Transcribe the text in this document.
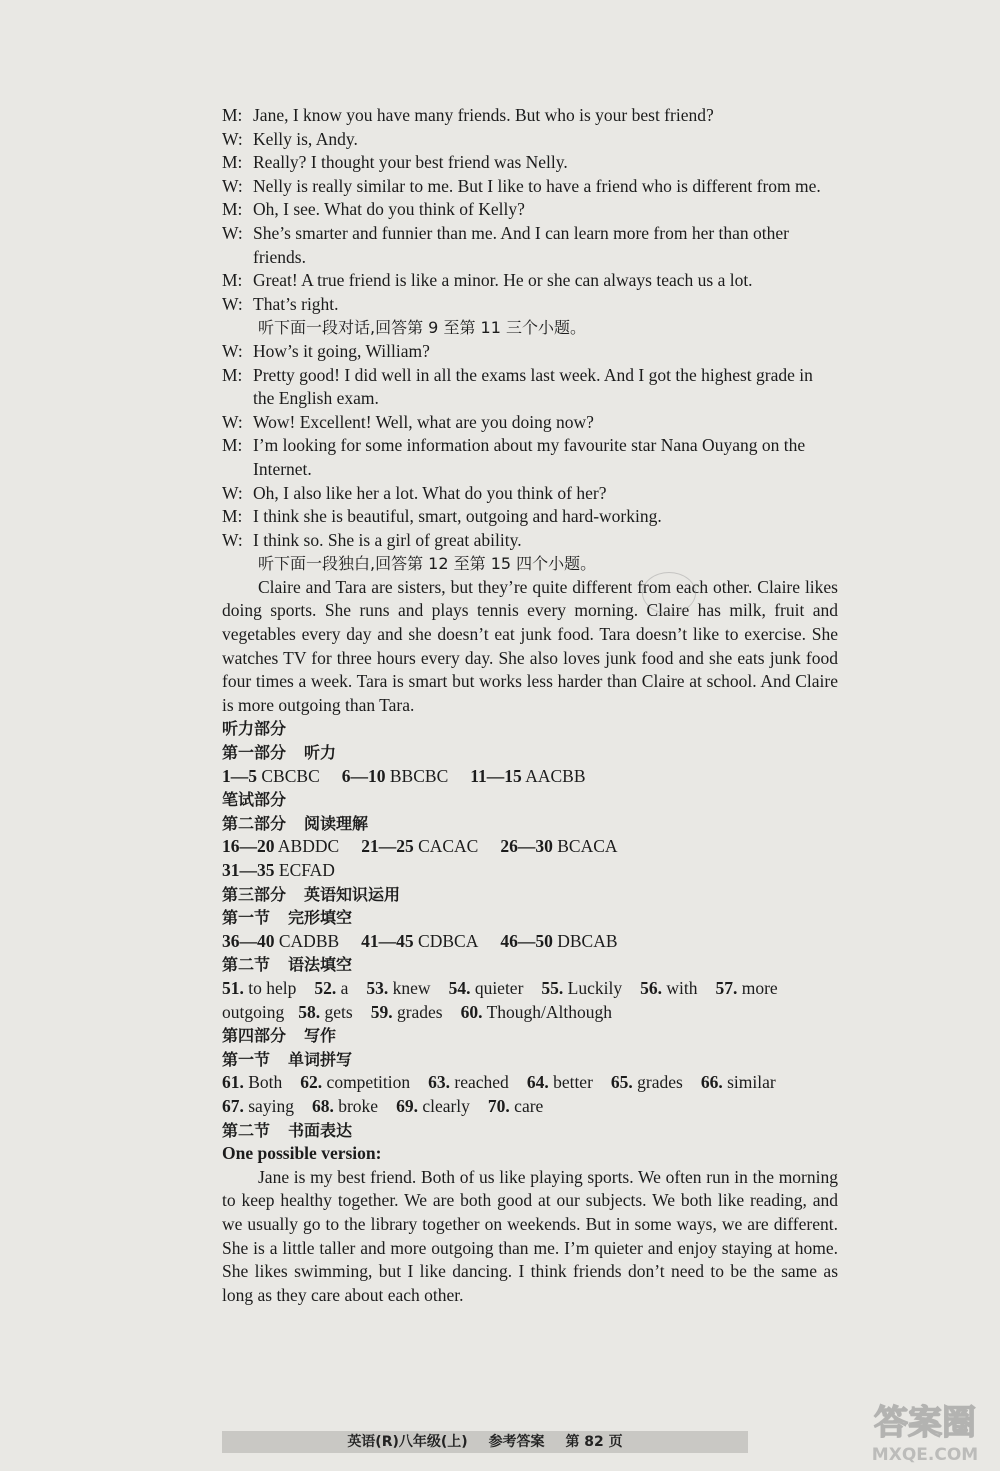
M: Jane, I know you have many friends. But who is your best friend?

W: Kelly is, Andy.

M: Really? I thought your best friend was Nelly.

W: Nelly is really similar to me. But I like to have a friend who is different from me.

M: Oh, I see. What do you think of Kelly?

W: She’s smarter and funnier than me. And I can learn more from her than other friends.

M: Great! A true friend is like a minor. He or she can always teach us a lot.

W: That’s right.

听下面一段对话,回答第 9 至第 11 三个小题。

W: How’s it going, William?

M: Pretty good! I did well in all the exams last week. And I got the highest grade in the English exam.

W: Wow! Excellent! Well, what are you doing now?

M: I’m looking for some information about my favourite star Nana Ouyang on the Internet.

W: Oh, I also like her a lot. What do you think of her?

M: I think she is beautiful, smart, outgoing and hard-working.

W: I think so. She is a girl of great ability.

听下面一段独白,回答第 12 至第 15 四个小题。

Claire and Tara are sisters, but they’re quite different from each other. Claire likes doing sports. She runs and plays tennis every morning. Claire has milk, fruit and vegetables every day and she doesn’t eat junk food. Tara doesn’t like to exercise. She watches TV for three hours every day. She also loves junk food and she eats junk food four times a week. Tara is smart but works less harder than Claire at school. And Claire is more outgoing than Tara.

听力部分

第一部分 听力

1—5 CBCBC 6—10 BBCBC 11—15 AACBB

笔试部分

第二部分 阅读理解

16—20 ABDDC 21—25 CACAC 26—30 BCACA

31—35 ECFAD

第三部分 英语知识运用

第一节 完形填空

36—40 CADBB 41—45 CDBCA 46—50 DBCAB

第二节 语法填空

51. to help 52. a 53. knew 54. quieter 55. Luckily 56. with 57. more

outgoing 58. gets 59. grades 60. Though/Although

第四部分 写作

第一节 单词拼写

61. Both 62. competition 63. reached 64. better 65. grades 66. similar

67. saying 68. broke 69. clearly 70. care

第二节 书面表达

One possible version:

Jane is my best friend. Both of us like playing sports. We often run in the morning to keep healthy together. We are both good at our subjects. We both like reading, and we usually go to the library together on weekends. But in some ways, we are different. She is a little taller and more outgoing than me. I’m quieter and enjoy staying at home. She likes swimming, but I like dancing. I think friends don’t need to be the same as long as they care about each other.

英语(R)八年级(上) 参考答案 第 82 页	答案圈
MXQE.COM
